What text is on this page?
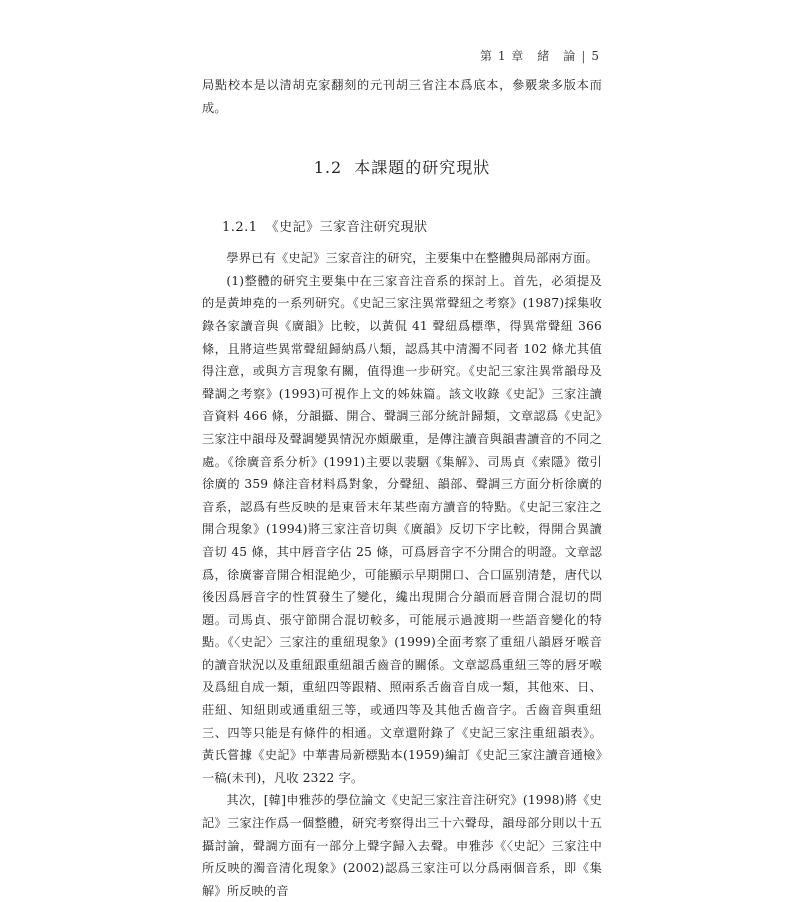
第 1 章　緒　論 | 5

局點校本是以清胡克家翻刻的元刊胡三省注本爲底本，參覈衆多版本而成。

1.2 本課題的研究現狀
1.2.1 《史記》三家音注研究現狀

學界已有《史記》三家音注的研究，主要集中在整體與局部兩方面。

(1)整體的研究主要集中在三家音注音系的探討上。首先，必須提及的是黃坤堯的一系列研究。《史記三家注異常聲紐之考察》(1987)採集收錄各家讀音與《廣韻》比較，以黃侃 41 聲紐爲標準，得異常聲紐 366 條，且將這些異常聲紐歸納爲八類，認爲其中清濁不同者 102 條尤其值得注意，或與方言現象有關，值得進一步研究。《史記三家注異常韻母及聲調之考察》(1993)可視作上文的姊妹篇。該文收錄《史記》三家注讀音資料 466 條，分韻攝、開合、聲調三部分統計歸類，文章認爲《史記》三家注中韻母及聲調變異情況亦頗嚴重，是傳注讀音與韻書讀音的不同之處。《徐廣音系分析》(1991)主要以裴駰《集解》、司馬貞《索隱》徵引徐廣的 359 條注音材料爲對象，分聲紐、韻部、聲調三方面分析徐廣的音系，認爲有些反映的是東晉末年某些南方讀音的特點。《史記三家注之開合現象》(1994)將三家注音切與《廣韻》反切下字比較，得開合異讀音切 45 條，其中唇音字佔 25 條，可爲唇音字不分開合的明證。文章認爲，徐廣審音開合相混絶少，可能顯示早期開口、合口區别清楚，唐代以後因爲唇音字的性質發生了變化，纔出現開合分韻而唇音開合混切的問題。司馬貞、張守節開合混切較多，可能展示過渡期一些語音變化的特點。《〈史記〉三家注的重紐現象》(1999)全面考察了重紐八韻唇牙喉音的讀音狀況以及重紐跟重紐韻舌齒音的關係。文章認爲重紐三等的唇牙喉及爲紐自成一類，重紐四等跟精、照兩系舌齒音自成一類，其他來、日、莊紐、知紐則或通重紐三等，或通四等及其他舌齒音字。舌齒音與重紐三、四等只能是有條件的相通。文章還附錄了《史記三家注重紐韻表》。黃氏嘗據《史記》中華書局新標點本(1959)編訂《史記三家注讀音通檢》一稿(未刊)，凡收 2322 字。

其次，[韓]申雅莎的學位論文《史記三家注音注研究》(1998)將《史記》三家注作爲一個整體，研究考察得出三十六聲母，韻母部分則以十五攝討論，聲調方面有一部分上聲字歸入去聲。申雅莎《〈史記〉三家注中所反映的濁音清化現象》(2002)認爲三家注可以分爲兩個音系，即《集解》所反映的音
